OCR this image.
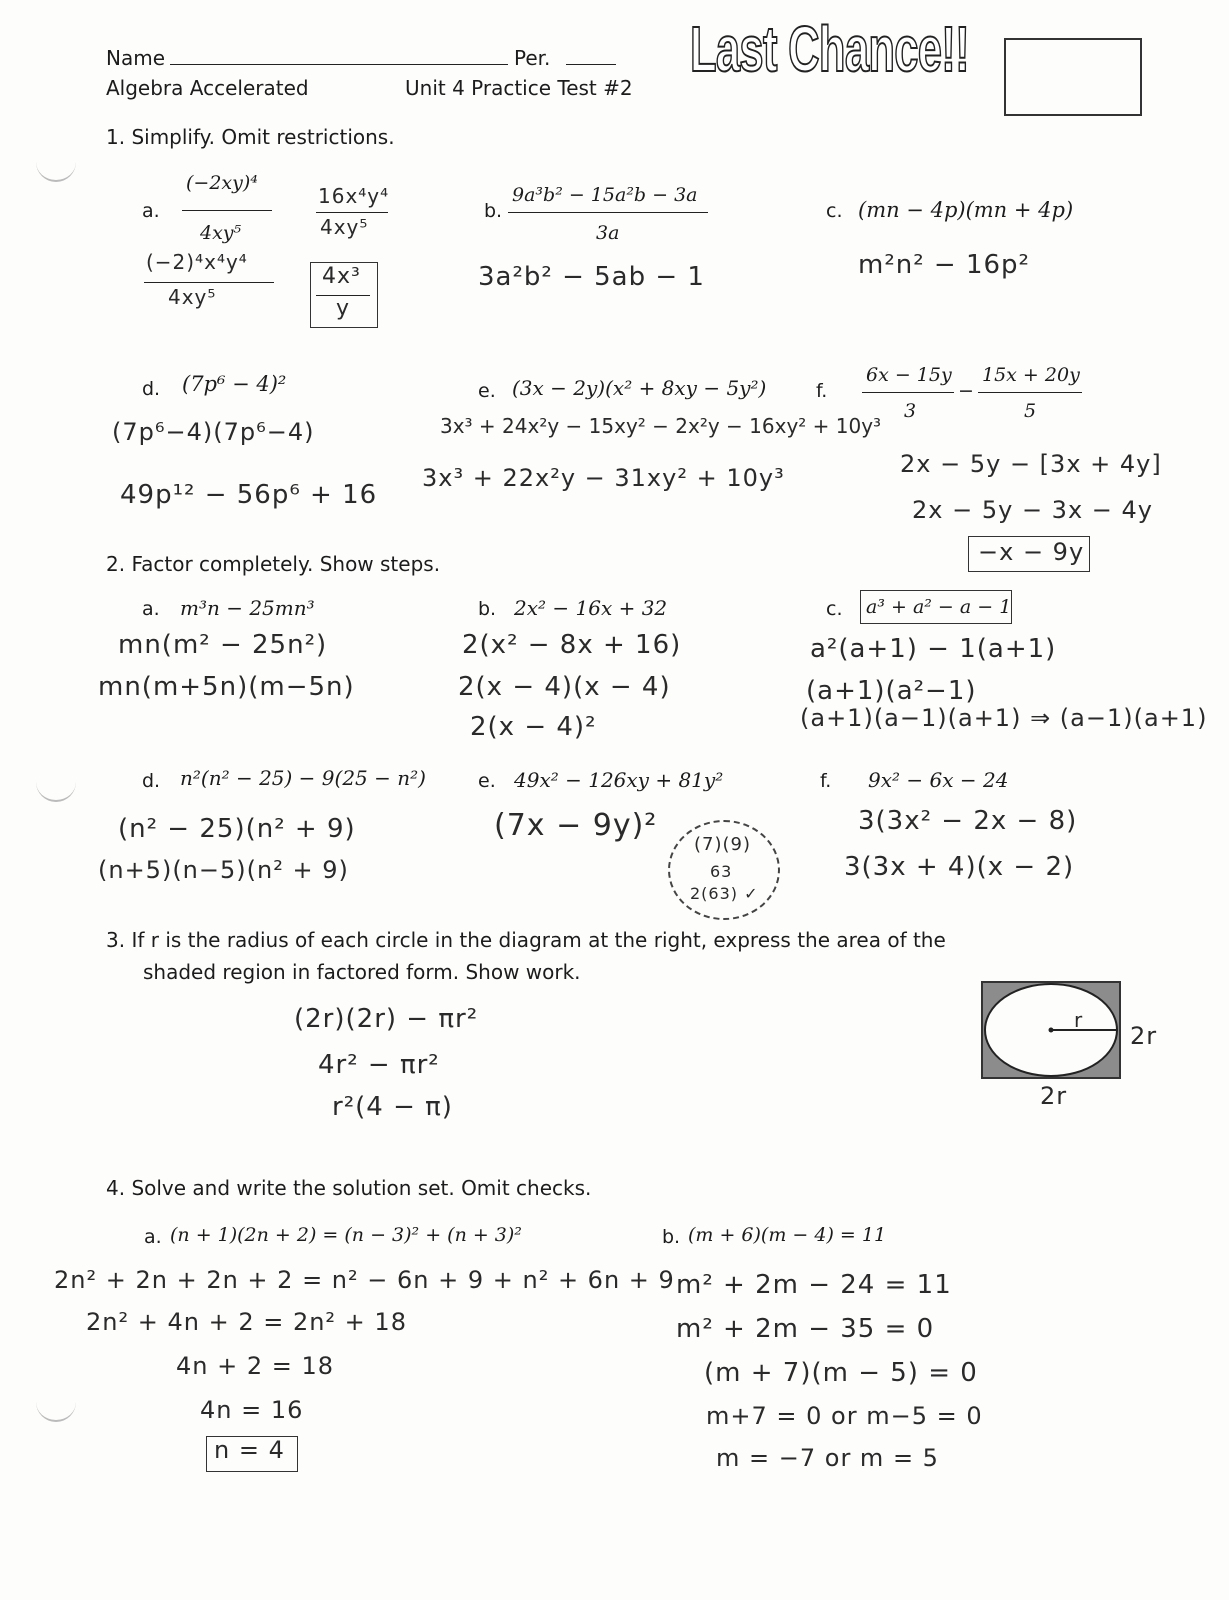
Name	Per.
Algebra Accelerated	Unit 4 Practice Test #2
Last Chance!!
1. Simplify. Omit restrictions.
a.
(−2xy)⁴
4xy⁵
16x⁴y⁴
4xy⁵
(−2)⁴x⁴y⁴
4xy⁵
4x³
y
b.
9a³b² − 15a²b − 3a
3a
3a²b² − 5ab − 1
c. (mn − 4p)(mn + 4p)
m²n² − 16p²
d. (7p⁶ − 4)²
(7p⁶−4)(7p⁶−4)
49p¹² − 56p⁶ + 16
e. (3x − 2y)(x² + 8xy − 5y²)
3x³ + 24x²y − 15xy² − 2x²y − 16xy² + 10y³
3x³ + 22x²y − 31xy² + 10y³
f.
6x − 15y
3
−
15x + 20y
5
2x − 5y − [3x + 4y]
2x − 5y − 3x − 4y
−x − 9y
2. Factor completely. Show steps.
a. m³n − 25mn³
mn(m² − 25n²)
mn(m+5n)(m−5n)
b. 2x² − 16x + 32
2(x² − 8x + 16)
2(x − 4)(x − 4)
2(x − 4)²
c. a³ + a² − a − 1
a²(a+1) − 1(a+1)
(a+1)(a²−1)
(a+1)(a−1)(a+1) ⇒ (a−1)(a+1)
d. n²(n² − 25) − 9(25 − n²)
(n² − 25)(n² + 9)
(n+5)(n−5)(n² + 9)
e. 49x² − 126xy + 81y²
(7x − 9y)²
(7)(9)
63
2(63) ✓
f. 9x² − 6x − 24
3(3x² − 2x − 8)
3(3x + 4)(x − 2)
3. If r is the radius of each circle in the diagram at the right, express the area of the
shaded region in factored form. Show work.
(2r)(2r) − πr²
4r² − πr²
r²(4 − π)
r
2r
2r
4. Solve and write the solution set. Omit checks.
a. (n + 1)(2n + 2) = (n − 3)² + (n + 3)²
2n² + 2n + 2n + 2 = n² − 6n + 9 + n² + 6n + 9
2n² + 4n + 2 = 2n² + 18
4n + 2 = 18
4n = 16
n = 4
b. (m + 6)(m − 4) = 11
m² + 2m − 24 = 11
m² + 2m − 35 = 0
(m + 7)(m − 5) = 0
m+7 = 0 or m−5 = 0
m = −7 or m = 5
